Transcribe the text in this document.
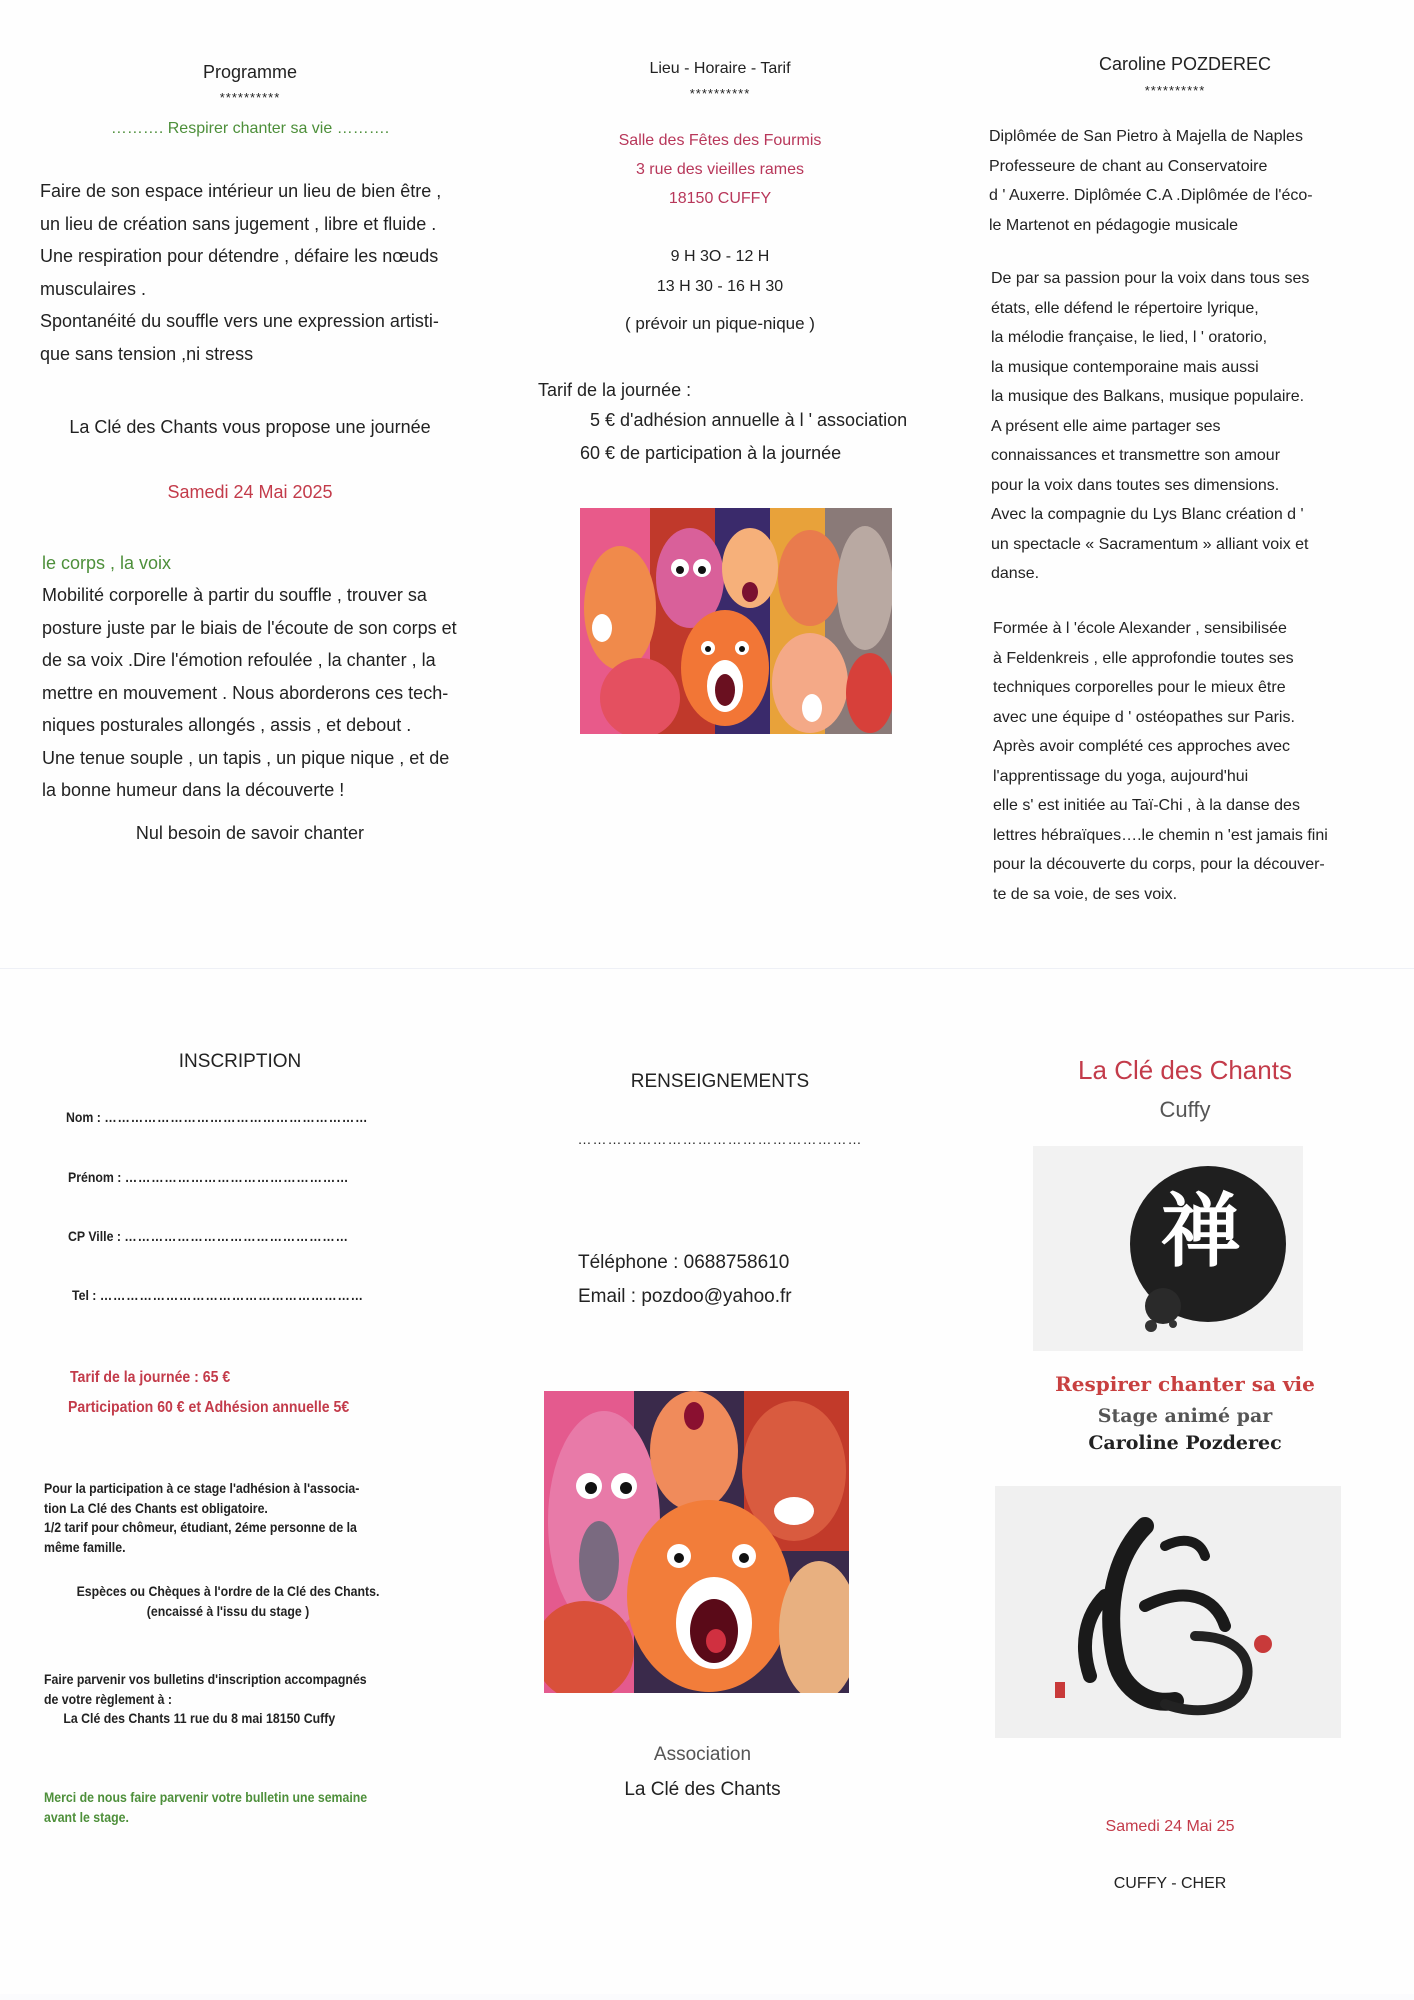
Programme
**********
………. Respirer chanter sa vie ……….
Faire de son espace intérieur un lieu de bien être ,
un lieu de création sans jugement , libre et fluide .
Une respiration pour détendre , défaire les nœuds
musculaires .
Spontanéité du souffle vers une expression artisti-
que sans tension ,ni stress
La Clé des Chants vous propose une journée
Samedi 24 Mai 2025
le corps , la voix
Mobilité corporelle à partir du souffle , trouver sa
posture juste par le biais de l'écoute de son corps et
de sa voix .Dire l'émotion refoulée , la chanter , la
mettre en mouvement . Nous aborderons ces tech-
niques posturales allongés , assis , et debout .
Une tenue souple , un tapis , un pique nique , et de
la bonne humeur dans la découverte !
Nul besoin de savoir chanter
Lieu - Horaire - Tarif
**********
Salle des Fêtes des Fourmis
3 rue des vieilles rames
18150 CUFFY
9 H 3O - 12 H
13 H 30 - 16 H 30
( prévoir un pique-nique )
Tarif de la journée :
5 € d'adhésion annuelle à l ' association
60 € de participation à la journée
Caroline POZDEREC
**********
Diplômée de San Pietro à Majella de Naples
Professeure de chant au Conservatoire
d ' Auxerre. Diplômée C.A .Diplômée de l'éco-
le Martenot en pédagogie musicale
De par sa passion pour la voix dans tous ses
états, elle défend le répertoire lyrique,
la mélodie française, le lied, l ' oratorio,
la musique contemporaine mais aussi
la musique des Balkans, musique populaire.
A présent elle aime partager ses
connaissances et transmettre son amour
pour la voix dans toutes ses dimensions.
Avec la compagnie du Lys Blanc création d '
un spectacle « Sacramentum » alliant voix et
danse.
Formée à l 'école Alexander , sensibilisée
à Feldenkreis , elle approfondie toutes ses
techniques corporelles pour le mieux être
avec une équipe d ' ostéopathes sur Paris.
Après avoir complété ces approches avec
l'apprentissage du yoga, aujourd'hui
elle s' est initiée au Taï-Chi , à la danse des
lettres hébraïques….le chemin n 'est jamais fini
pour la découverte du corps, pour la découver-
te de sa voie, de ses voix.
INSCRIPTION
Nom : ……………………………………………………
Prénom : ……………………………………………
CP Ville : ……………………………………………
Tel : ……………………………………………………
Tarif de la journée : 65 €
Participation 60 € et Adhésion annuelle 5€
Pour la participation à ce stage l'adhésion à l'associa-
tion La Clé des Chants est obligatoire.
1/2 tarif pour chômeur, étudiant, 2éme personne de la
même famille.
Espèces ou Chèques à l'ordre de la Clé des Chants.
(encaissé à l'issu du stage )
Faire parvenir vos bulletins d'inscription accompagnés
de votre règlement à :
La Clé des Chants 11 rue du 8 mai 18150 Cuffy
Merci de nous faire parvenir votre bulletin une semaine
avant le stage.
RENSEIGNEMENTS
…………………………………………………
Téléphone : 0688758610
Email : pozdoo@yahoo.fr
Association
La Clé des Chants
La Clé des Chants
Cuffy
禅
Respirer chanter sa vie
Stage animé par
Caroline Pozderec
Samedi 24 Mai 25
CUFFY - CHER
